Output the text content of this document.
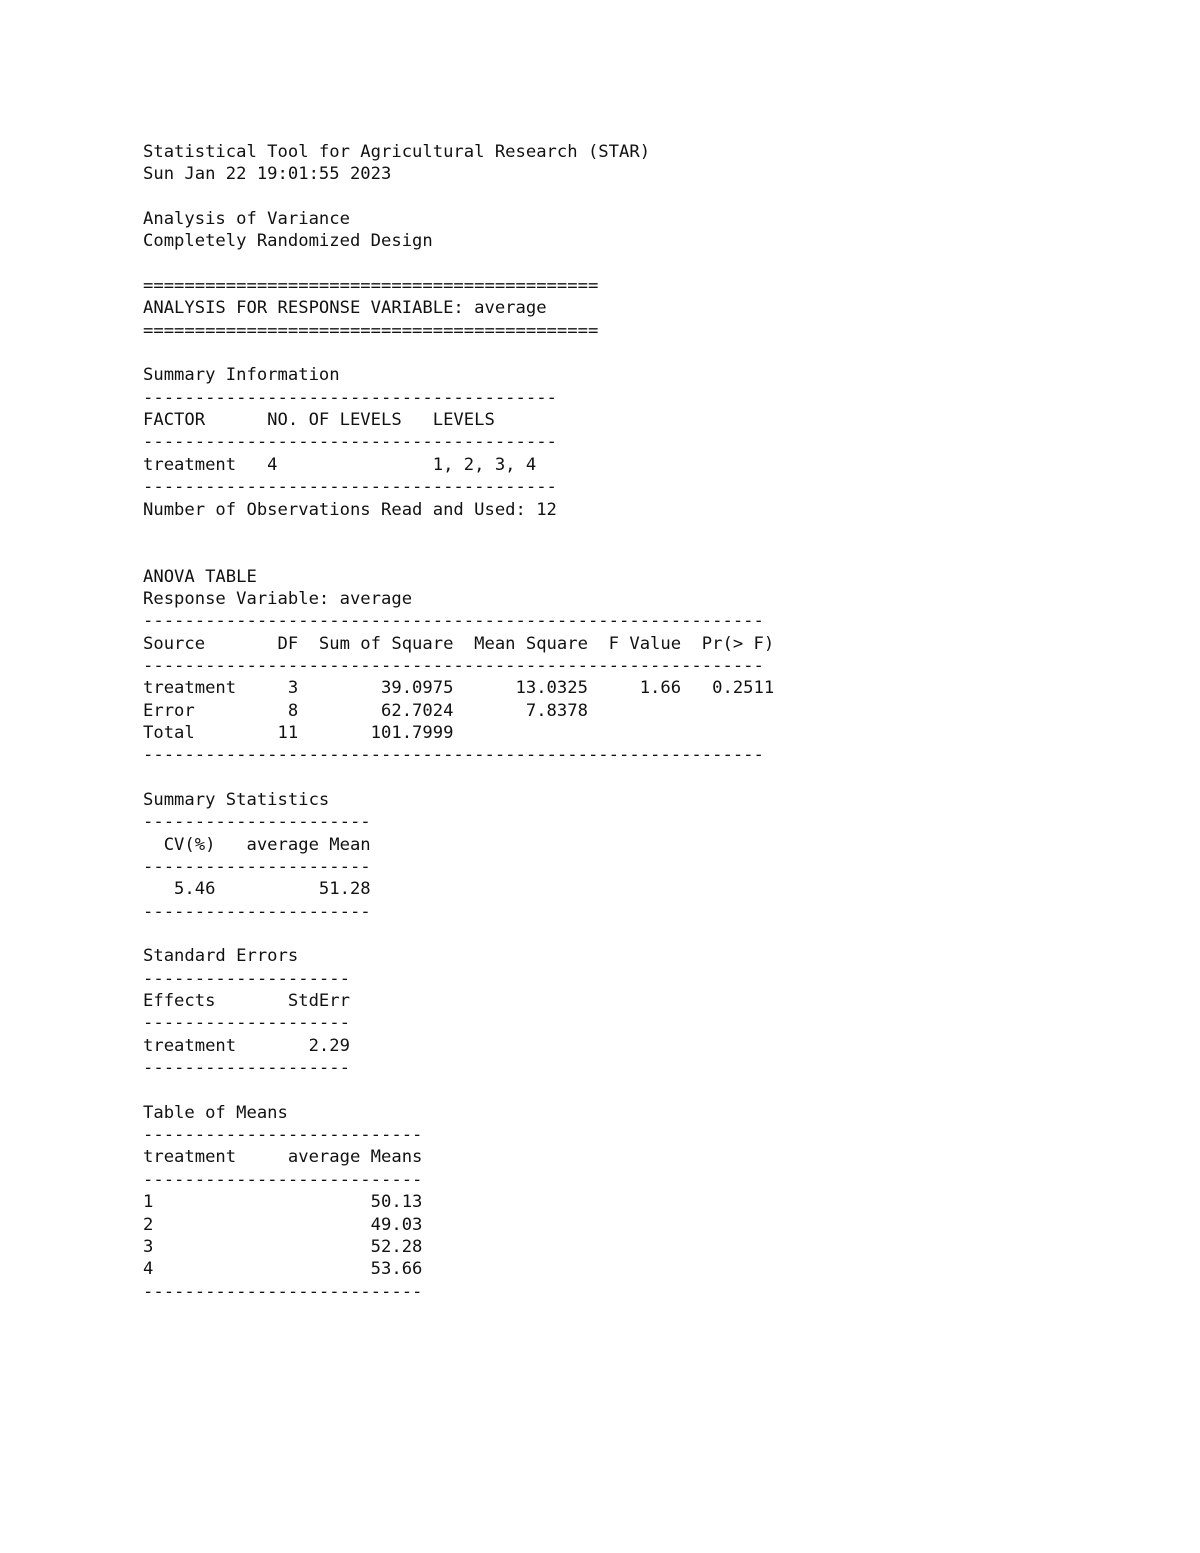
Statistical Tool for Agricultural Research (STAR)
Sun Jan 22 19:01:55 2023
Analysis of Variance
Completely Randomized Design
============================================
ANALYSIS FOR RESPONSE VARIABLE: average
============================================
Summary Information
----------------------------------------
FACTOR      NO. OF LEVELS   LEVELS
----------------------------------------
treatment   4               1, 2, 3, 4
----------------------------------------
Number of Observations Read and Used: 12
ANOVA TABLE
Response Variable: average
------------------------------------------------------------
Source       DF  Sum of Square  Mean Square  F Value  Pr(> F)
------------------------------------------------------------
treatment     3        39.0975      13.0325     1.66   0.2511
Error         8        62.7024       7.8378
Total        11       101.7999
------------------------------------------------------------
Summary Statistics
----------------------
CV(%)   average Mean
----------------------
5.46          51.28
----------------------
Standard Errors
--------------------
Effects       StdErr
--------------------
treatment       2.29
--------------------
Table of Means
---------------------------
treatment     average Means
---------------------------
1                     50.13
2                     49.03
3                     52.28
4                     53.66
---------------------------
